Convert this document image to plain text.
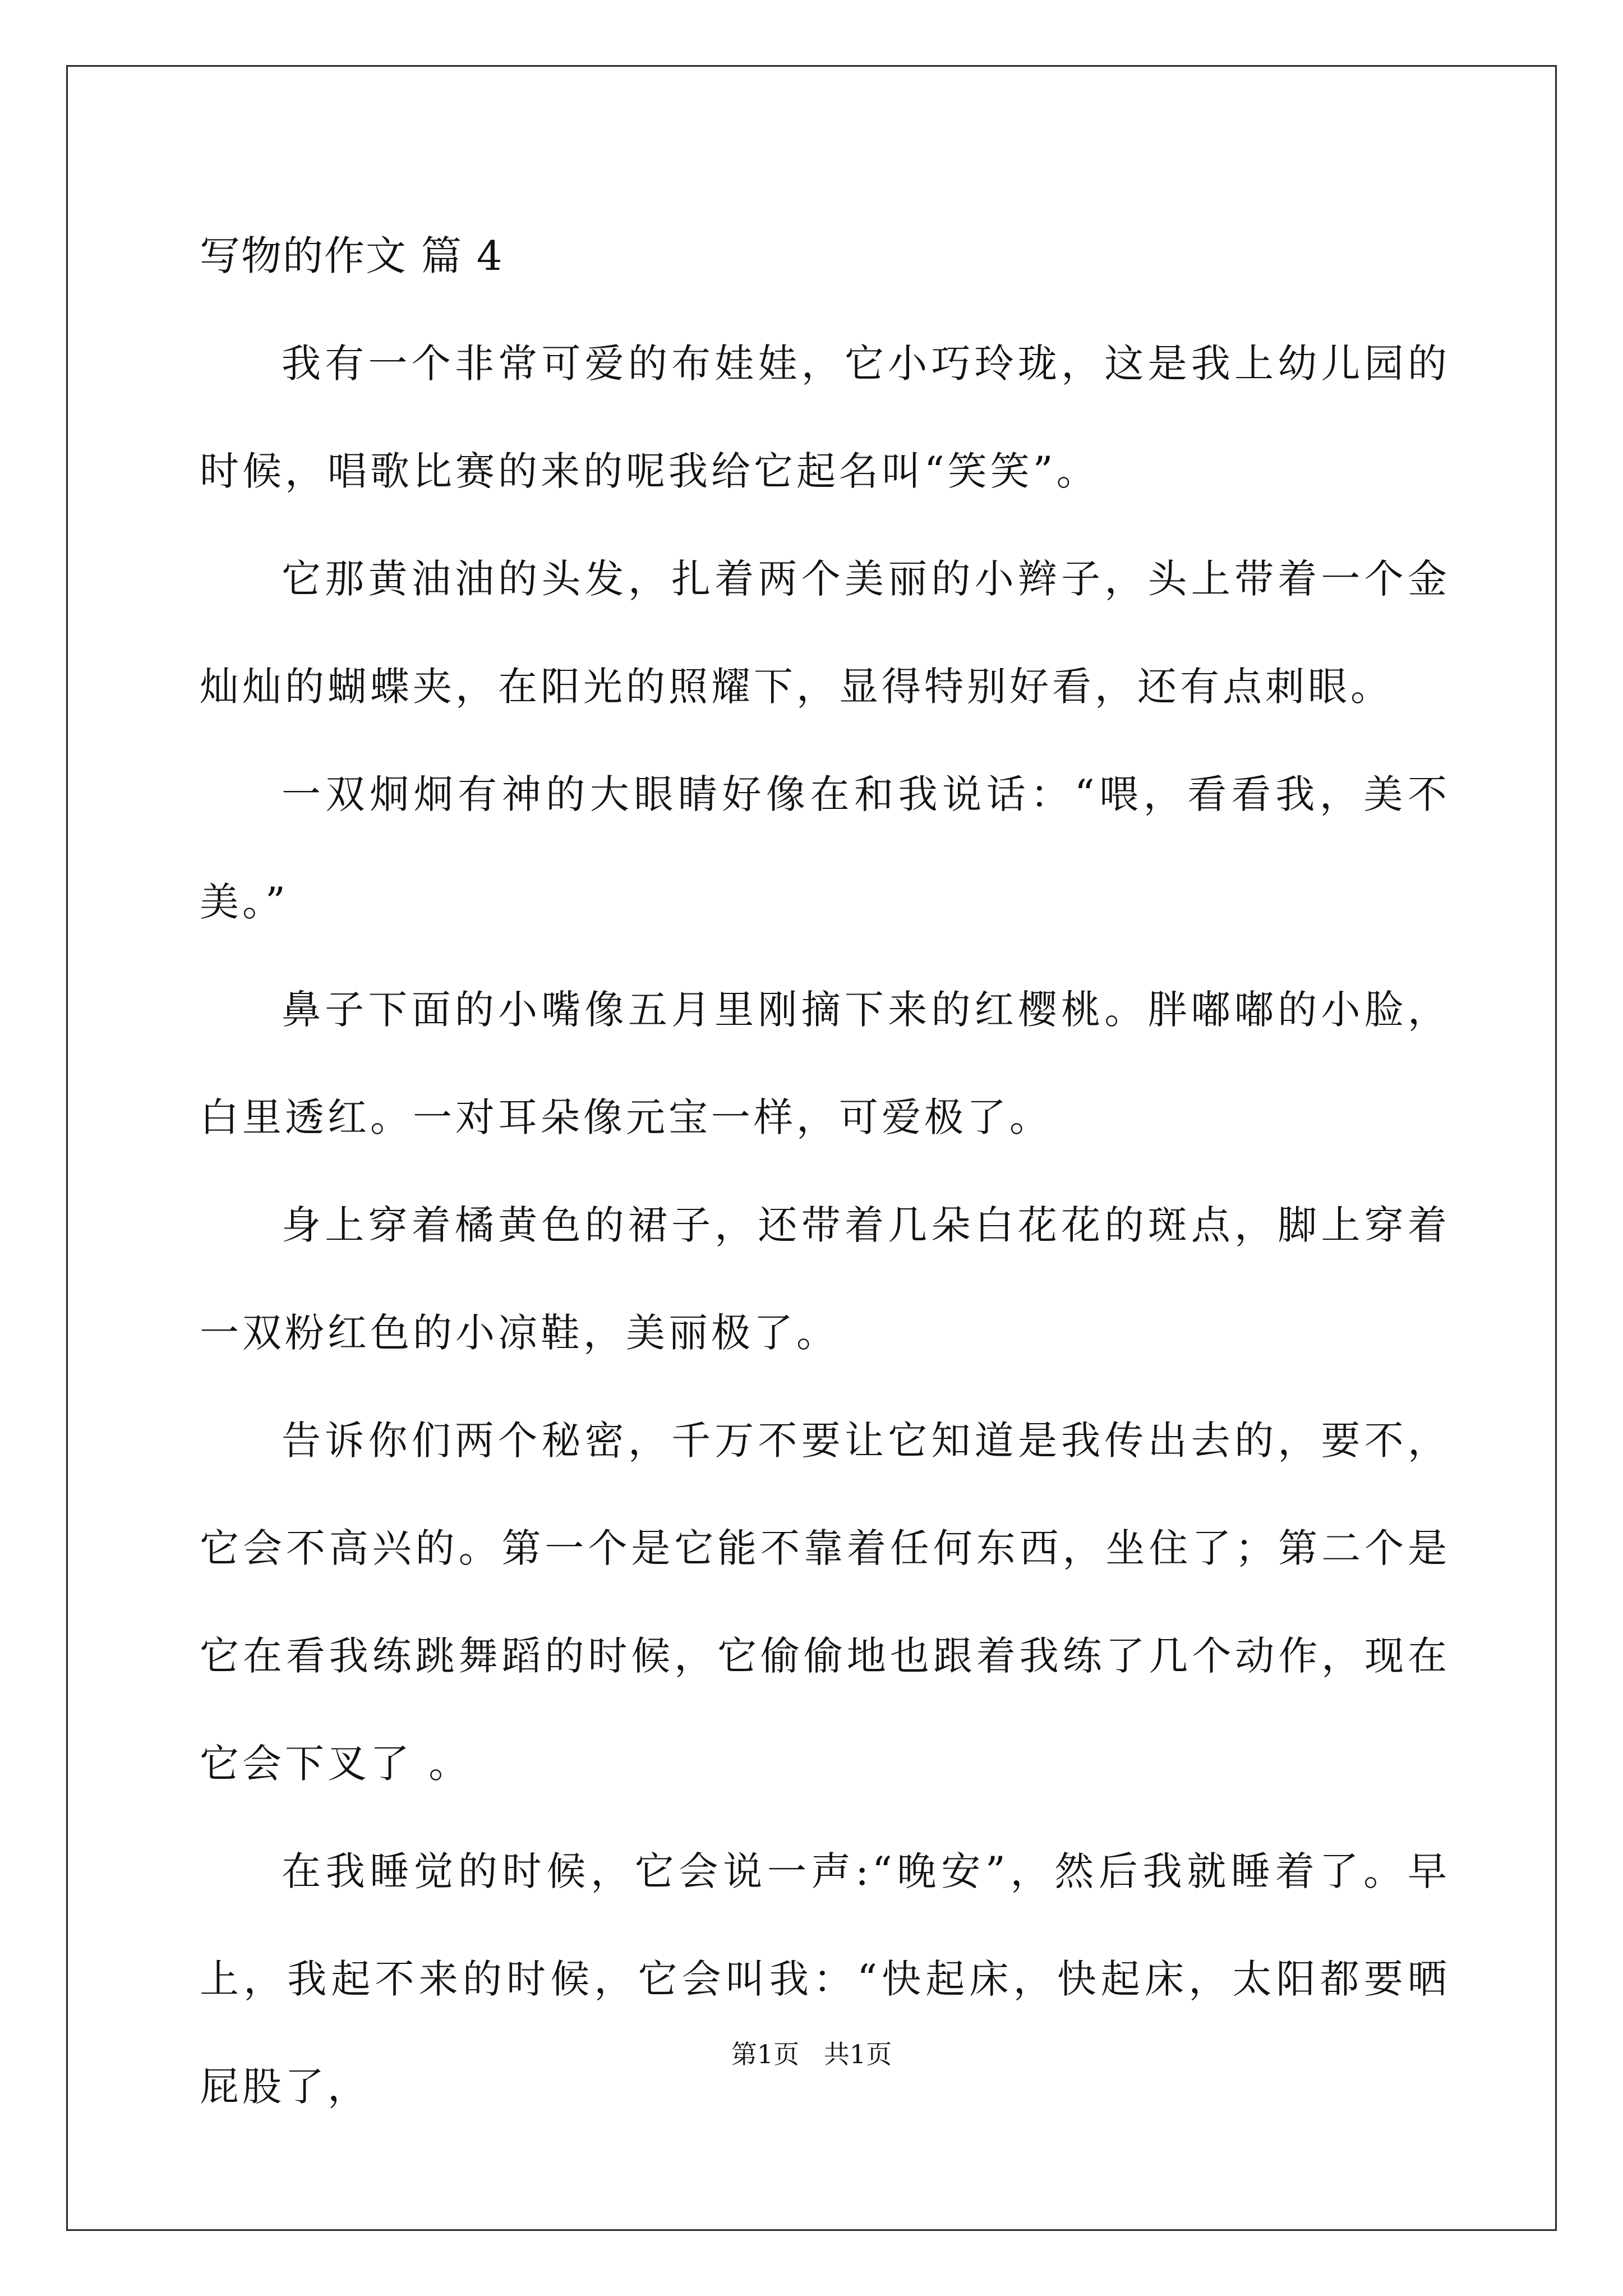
写物的作文 篇 4

我有一个非常可爱的布娃娃，它小巧玲珑，这是我上幼儿园的时候，唱歌比赛的来的呢我给它起名叫“笑笑”。

它那黄油油的头发，扎着两个美丽的小辫子，头上带着一个金灿灿的蝴蝶夹，在阳光的照耀下，显得特别好看，还有点刺眼。

一双炯炯有神的大眼睛好像在和我说话：“喂，看看我，美不美。”

鼻子下面的小嘴像五月里刚摘下来的红樱桃。胖嘟嘟的小脸，白里透红。一对耳朵像元宝一样，可爱极了。

身上穿着橘黄色的裙子，还带着几朵白花花的斑点，脚上穿着一双粉红色的小凉鞋，美丽极了。

告诉你们两个秘密，千万不要让它知道是我传出去的，要不，它会不高兴的。第一个是它能不靠着任何东西，坐住了；第二个是它在看我练跳舞蹈的时候，它偷偷地也跟着我练了几个动作，现在它会下叉了 。

在我睡觉的时候，它会说一声:“晚安”，然后我就睡着了。早上，我起不来的时候，它会叫我：“快起床，快起床，太阳都要晒屁股了，

第1页   共1页
